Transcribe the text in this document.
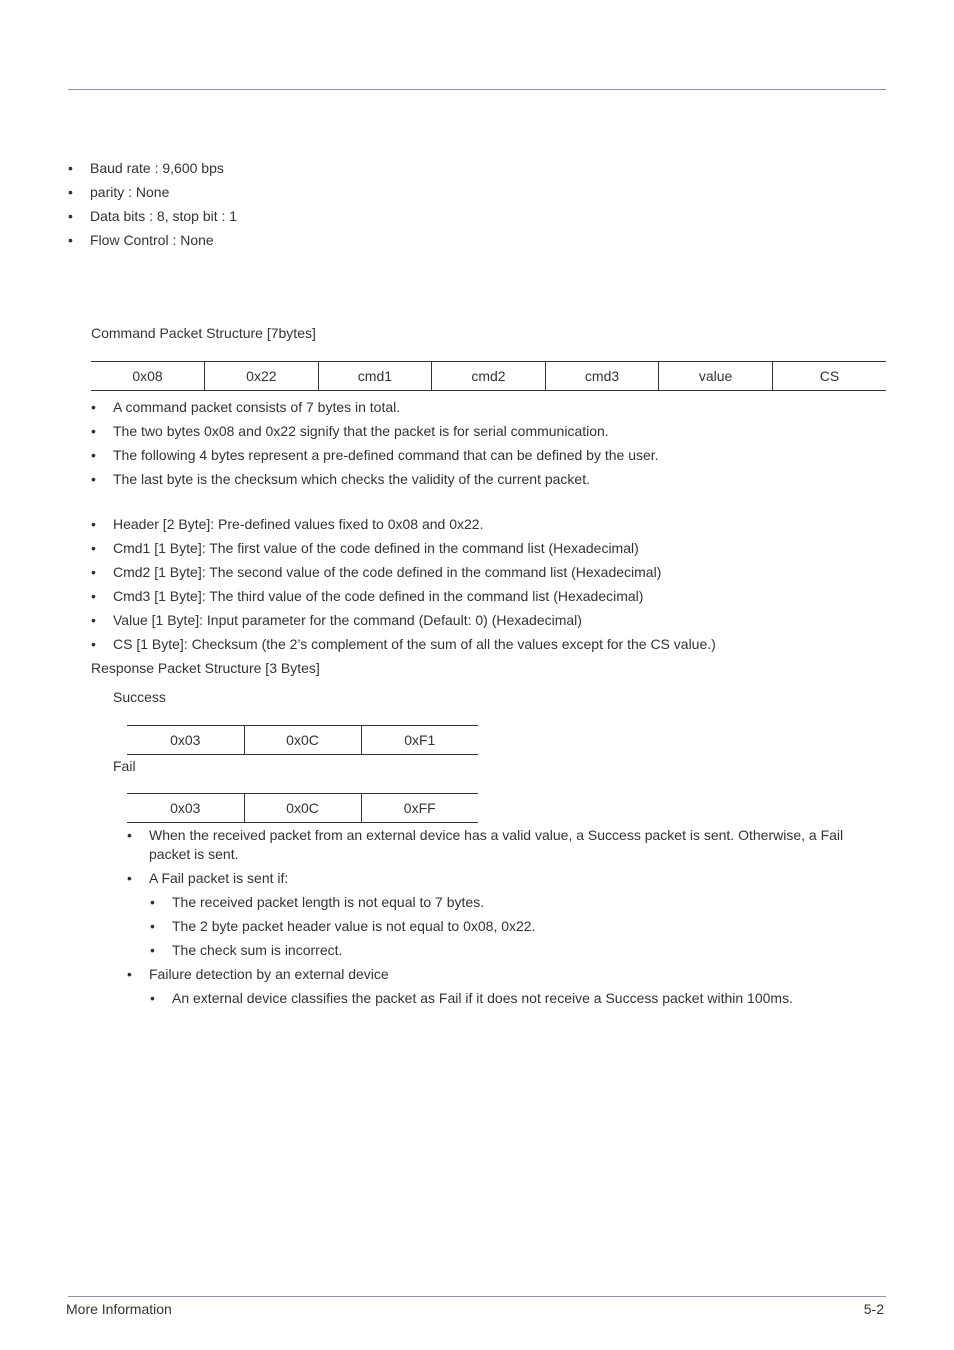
• Baud rate : 9,600 bps
• parity : None
• Data bits : 8, stop bit : 1
• Flow Control : None
Command Packet Structure [7bytes]
0x08	0x22	cmd1	cmd2	cmd3	value	CS
• A command packet consists of 7 bytes in total.
• The two bytes 0x08 and 0x22 signify that the packet is for serial communication.
• The following 4 bytes represent a pre-defined command that can be defined by the user.
• The last byte is the checksum which checks the validity of the current packet.
• Header [2 Byte]: Pre-defined values fixed to 0x08 and 0x22.
• Cmd1 [1 Byte]: The first value of the code defined in the command list (Hexadecimal)
• Cmd2 [1 Byte]: The second value of the code defined in the command list (Hexadecimal)
• Cmd3 [1 Byte]: The third value of the code defined in the command list (Hexadecimal)
• Value [1 Byte]: Input parameter for the command (Default: 0) (Hexadecimal)
• CS [1 Byte]: Checksum (the 2’s complement of the sum of all the values except for the CS value.)
Response Packet Structure [3 Bytes]
Success
0x03	0x0C	0xF1
Fail
0x03	0x0C	0xFF
• When the received packet from an external device has a valid value, a Success packet is sent. Otherwise, a Fail
packet is sent.
• A Fail packet is sent if:
• The received packet length is not equal to 7 bytes.
• The 2 byte packet header value is not equal to 0x08, 0x22.
• The check sum is incorrect.
• Failure detection by an external device
• An external device classifies the packet as Fail if it does not receive a Success packet within 100ms.
More Information	5-2
